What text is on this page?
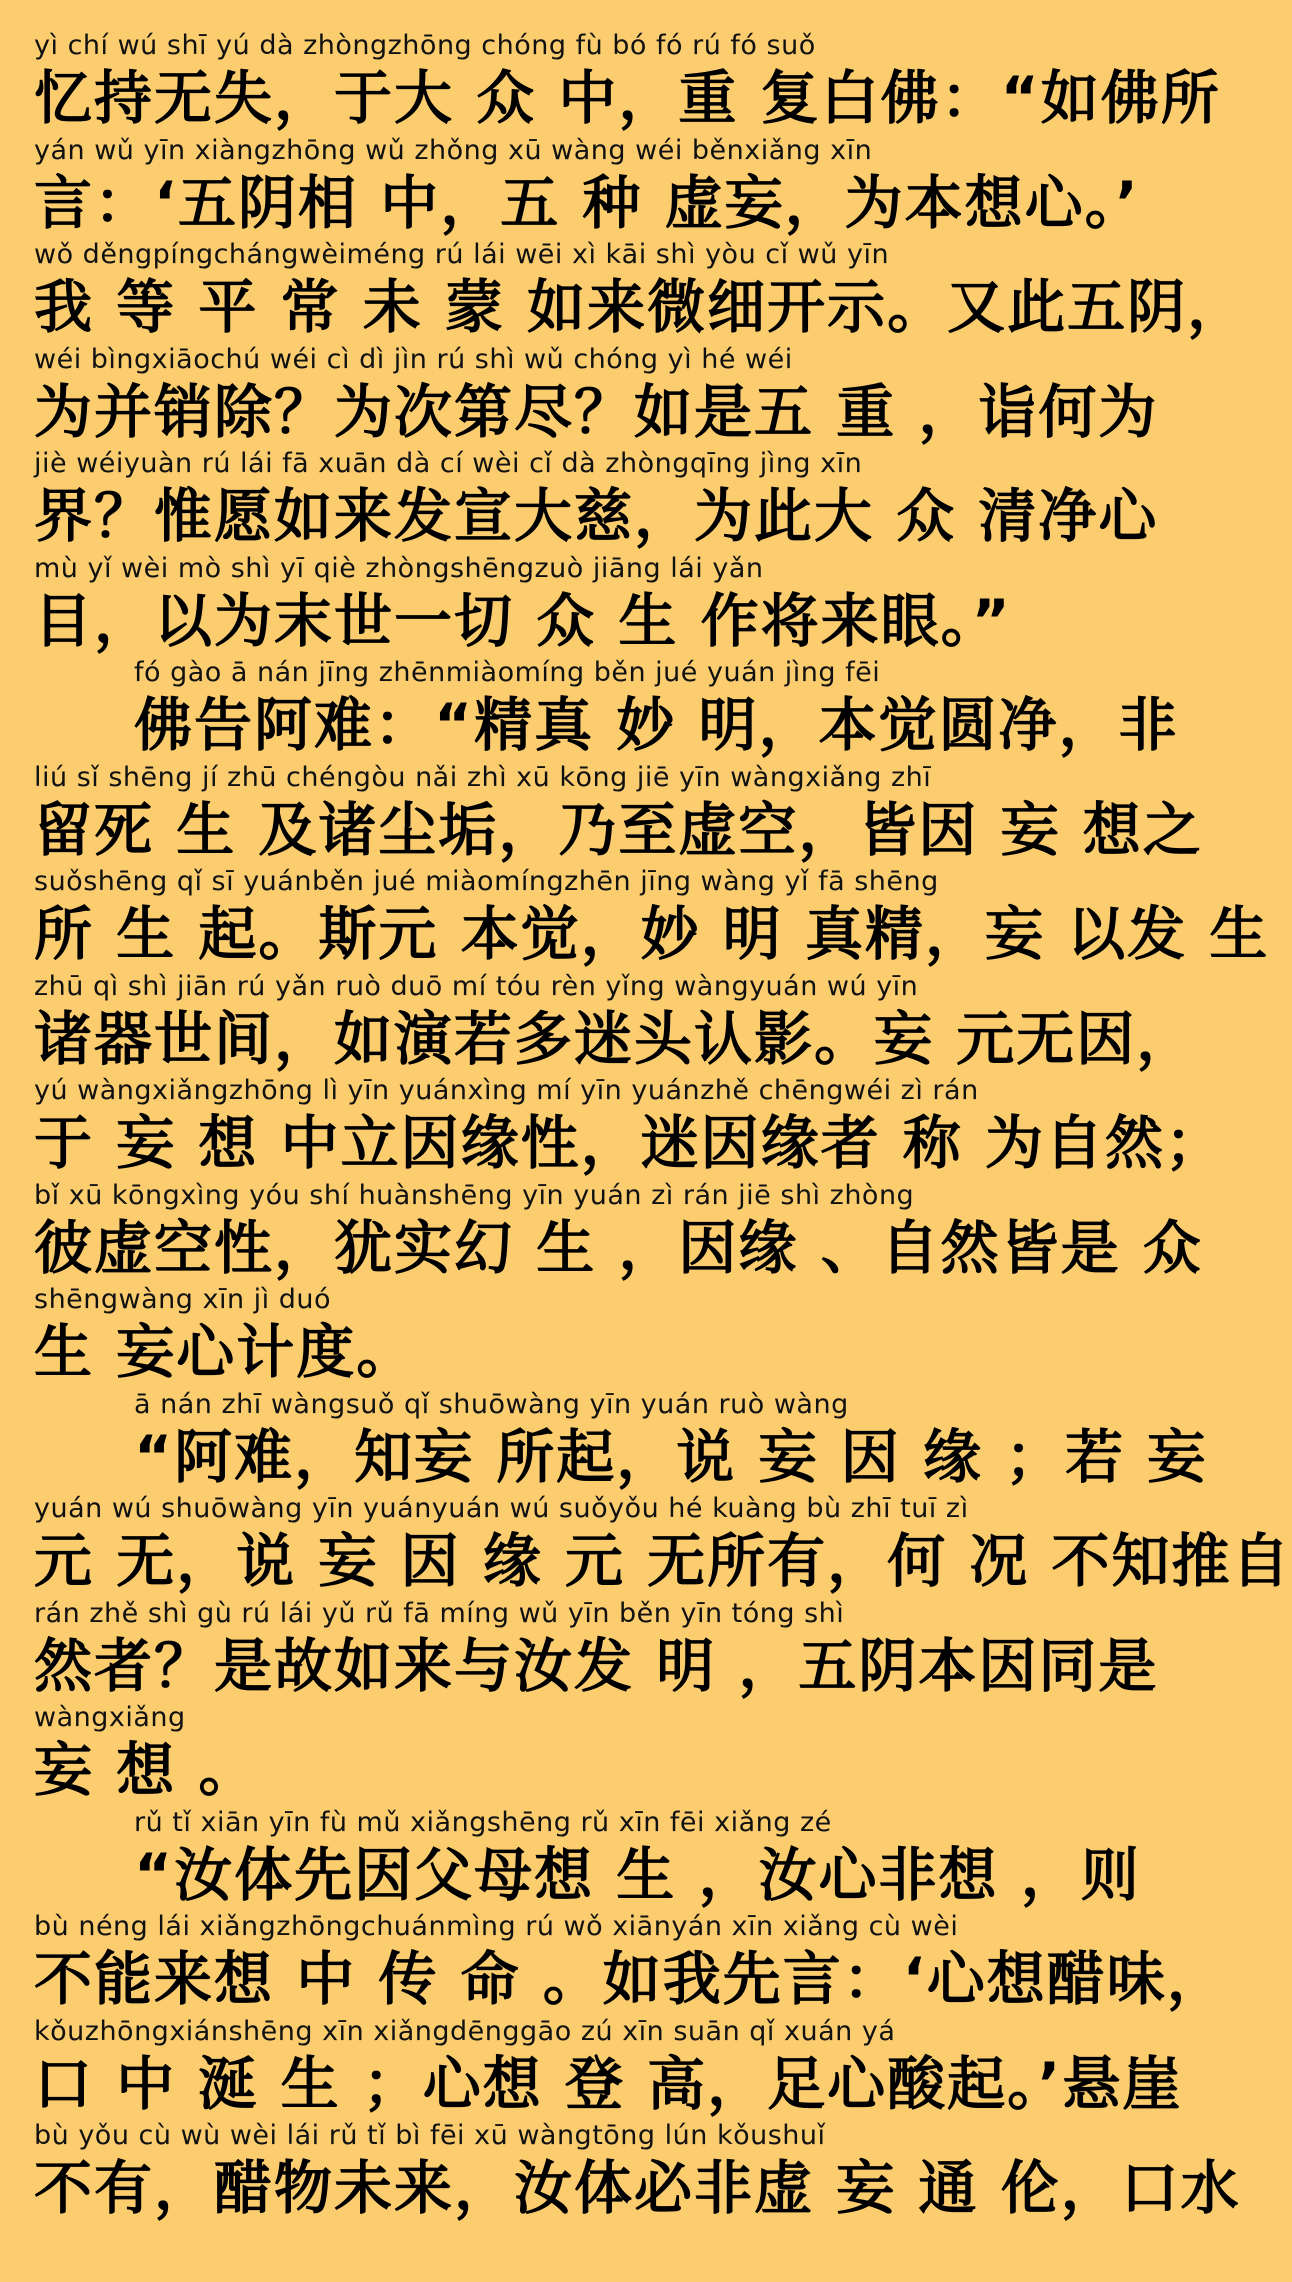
yì chí wú shī yú dà zhòngzhōng chóng fù bó fó rú fó suǒ
忆持无失，于大 众 中，重 复白佛：“如佛所
yán wǔ yīn xiàngzhōng wǔ zhǒng xū wàng wéi běnxiǎng xīn
言：‘五阴相 中，五 种 虚妄，为本想心。’
wǒ děngpíngchángwèiméng rú lái wēi xì kāi shì yòu cǐ wǔ yīn
我 等 平 常 未 蒙 如来微细开示。又此五阴，
wéi bìngxiāochú wéi cì dì jìn rú shì wǔ chóng yì hé wéi
为并销除？为次第尽？如是五 重 ，诣何为
jiè wéiyuàn rú lái fā xuān dà cí wèi cǐ dà zhòngqīng jìng xīn
界？惟愿如来发宣大慈，为此大 众 清净心
mù yǐ wèi mò shì yī qiè zhòngshēngzuò jiāng lái yǎn
目，以为末世一切 众 生 作将来眼。”
fó gào ā nán jīng zhēnmiàomíng běn jué yuán jìng fēi
佛告阿难：“精真 妙 明，本觉圆净，非
liú sǐ shēng jí zhū chéngòu nǎi zhì xū kōng jiē yīn wàngxiǎng zhī
留死 生 及诸尘垢，乃至虚空，皆因 妄 想之
suǒshēng qǐ sī yuánběn jué miàomíngzhēn jīng wàng yǐ fā shēng
所 生 起。斯元 本觉，妙 明 真精，妄 以发 生
zhū qì shì jiān rú yǎn ruò duō mí tóu rèn yǐng wàngyuán wú yīn
诸器世间，如演若多迷头认影。妄 元无因，
yú wàngxiǎngzhōng lì yīn yuánxìng mí yīn yuánzhě chēngwéi zì rán
于 妄 想 中立因缘性，迷因缘者 称 为自然；
bǐ xū kōngxìng yóu shí huànshēng yīn yuán zì rán jiē shì zhòng
彼虚空性，犹实幻 生 ，因缘 、自然皆是 众
shēngwàng xīn jì duó
生 妄心计度。
ā nán zhī wàngsuǒ qǐ shuōwàng yīn yuán ruò wàng
“阿难，知妄 所起，说 妄 因 缘 ；若 妄
yuán wú shuōwàng yīn yuányuán wú suǒyǒu hé kuàng bù zhī tuī zì
元 无，说 妄 因 缘 元 无所有，何 况 不知推自
rán zhě shì gù rú lái yǔ rǔ fā míng wǔ yīn běn yīn tóng shì
然者？是故如来与汝发 明 ，五阴本因同是
wàngxiǎng
妄 想 。
rǔ tǐ xiān yīn fù mǔ xiǎngshēng rǔ xīn fēi xiǎng zé
“汝体先因父母想 生 ，汝心非想 ，则
bù néng lái xiǎngzhōngchuánmìng rú wǒ xiānyán xīn xiǎng cù wèi
不能来想 中 传 命 。如我先言：‘心想醋味，
kǒuzhōngxiánshēng xīn xiǎngdēnggāo zú xīn suān qǐ xuán yá
口 中 涎 生 ；心想 登 高，足心酸起。’悬崖
bù yǒu cù wù wèi lái rǔ tǐ bì fēi xū wàngtōng lún kǒushuǐ
不有，醋物未来，汝体必非虚 妄 通 伦，口水
